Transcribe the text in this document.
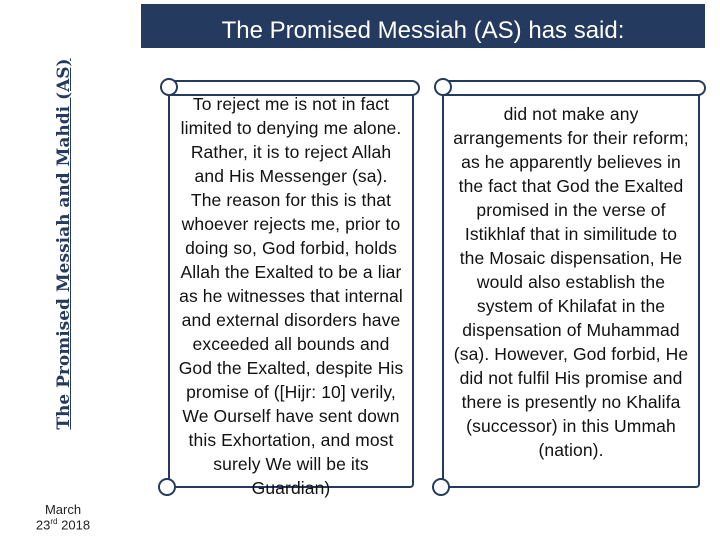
The Promised Messiah and Mahdi (AS)
March
23rd 2018
The Promised Messiah (AS) has said:
To reject me is not in fact limited to denying me alone. Rather, it is to reject Allah and His Messenger (sa). The reason for this is that whoever rejects me, prior to doing so, God forbid, holds Allah the Exalted to be a liar as he witnesses that internal and external disorders have exceeded all bounds and God the Exalted, despite His promise of ([Hijr: 10] verily, We Ourself have sent down this Exhortation, and most surely We will be its Guardian)
did not make any arrangements for their reform; as he apparently believes in the fact that God the Exalted promised in the verse of Istikhlaf that in similitude to the Mosaic dispensation, He would also establish the system of Khilafat in the dispensation of Muhammad (sa). However, God forbid, He did not fulfil His promise and there is presently no Khalifa (successor) in this Ummah (nation).
